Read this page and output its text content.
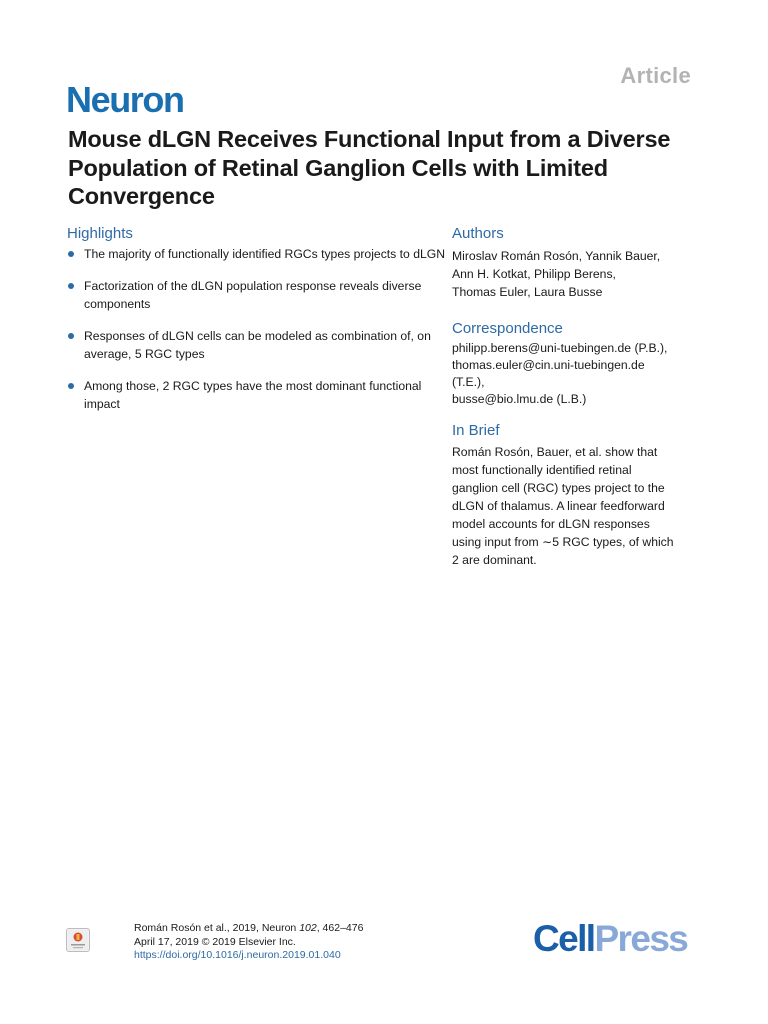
Article
Neuron
Mouse dLGN Receives Functional Input from a Diverse Population of Retinal Ganglion Cells with Limited Convergence
Highlights
The majority of functionally identified RGCs types projects to dLGN
Factorization of the dLGN population response reveals diverse components
Responses of dLGN cells can be modeled as combination of, on average, 5 RGC types
Among those, 2 RGC types have the most dominant functional impact
Authors
Miroslav Román Rosón, Yannik Bauer,
Ann H. Kotkat, Philipp Berens,
Thomas Euler, Laura Busse
Correspondence
philipp.berens@uni-tuebingen.de (P.B.),
thomas.euler@cin.uni-tuebingen.de
(T.E.),
busse@bio.lmu.de (L.B.)
In Brief
Román Rosón, Bauer, et al. show that
most functionally identified retinal
ganglion cell (RGC) types project to the
dLGN of thalamus. A linear feedforward
model accounts for dLGN responses
using input from ∼5 RGC types, of which
2 are dominant.
Román Rosón et al., 2019, Neuron 102, 462–476
April 17, 2019 © 2019 Elsevier Inc.
https://doi.org/10.1016/j.neuron.2019.01.040	CellPress
